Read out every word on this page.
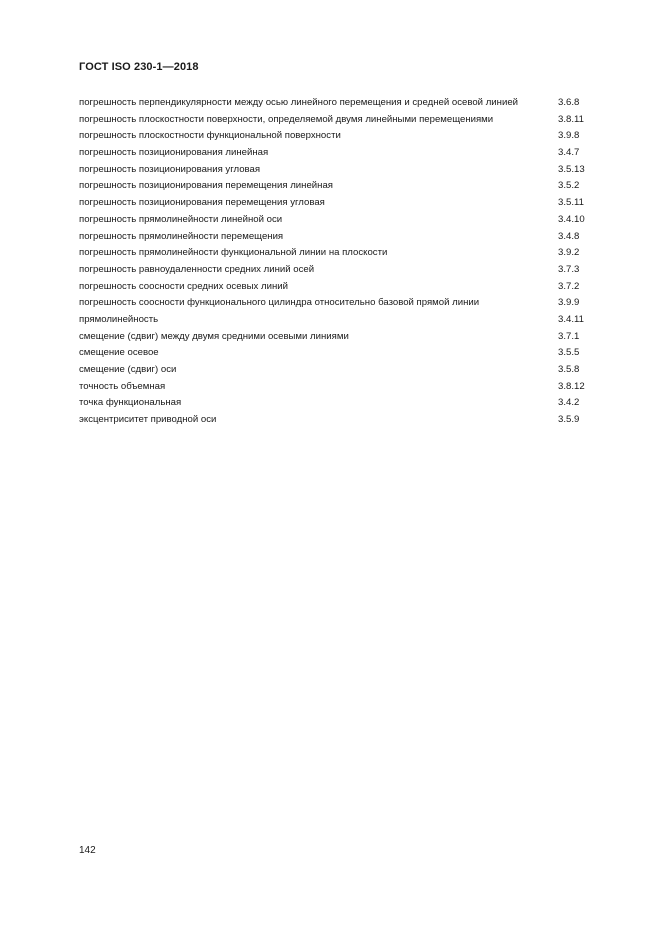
ГОСТ ISO 230-1—2018
погрешность перпендикулярности между осью линейного перемещения и средней осевой линией	3.6.8
погрешность плоскостности поверхности, определяемой двумя линейными перемещениями	3.8.11
погрешность плоскостности функциональной поверхности	3.9.8
погрешность позиционирования линейная	3.4.7
погрешность позиционирования угловая	3.5.13
погрешность позиционирования перемещения линейная	3.5.2
погрешность позиционирования перемещения угловая	3.5.11
погрешность прямолинейности линейной оси	3.4.10
погрешность прямолинейности перемещения	3.4.8
погрешность прямолинейности функциональной линии на плоскости	3.9.2
погрешность равноудаленности средних линий осей	3.7.3
погрешность соосности средних осевых линий	3.7.2
погрешность соосности функционального цилиндра относительно базовой прямой линии	3.9.9
прямолинейность	3.4.11
смещение (сдвиг) между двумя средними осевыми линиями	3.7.1
смещение осевое	3.5.5
смещение (сдвиг) оси	3.5.8
точность объемная	3.8.12
точка функциональная	3.4.2
эксцентриситет приводной оси	3.5.9
142
